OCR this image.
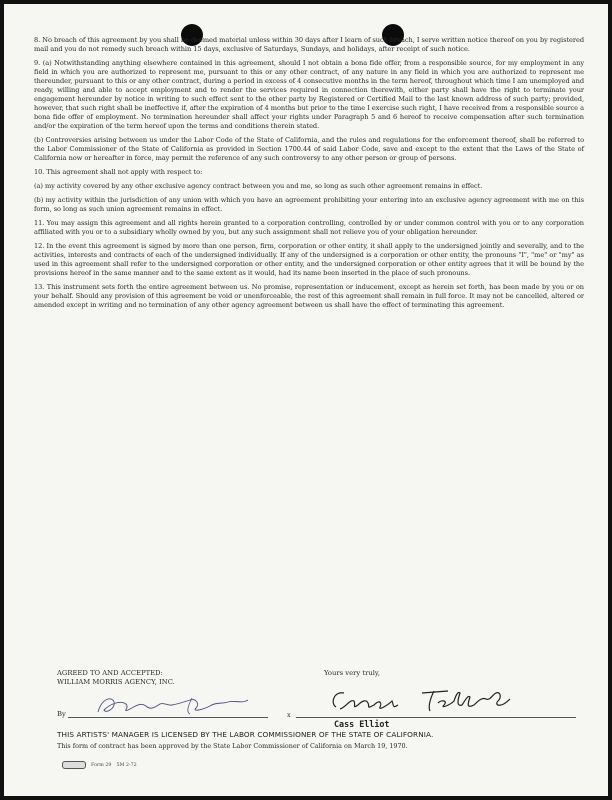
8. No breach of this agreement by you shall be deemed material unless within 30 days after I learn of such breach, I serve written notice thereof on you by registered mail and you do not remedy such breach within 15 days, exclusive of Saturdays, Sundays, and holidays, after receipt of such notice.

9. (a) Notwithstanding anything elsewhere contained in this agreement, should I not obtain a bona fide offer, from a responsible source, for my employment in any field in which you are authorized to represent me, pursuant to this or any other contract, of any nature in any field in which you are authorized to represent me thereunder, pursuant to this or any other contract, during a period in excess of 4 consecutive months in the term hereof, throughout which time I am unemployed and ready, willing and able to accept employment and to render the services required in connection therewith, either party shall have the right to terminate your engagement hereunder by notice in writing to such effect sent to the other party by Registered or Certified Mail to the last known address of such party; provided, however, that such right shall be ineffective if, after the expiration of 4 months but prior to the time I exercise such right, I have received from a responsible source a bona fide offer of employment. No termination hereunder shall affect your rights under Paragraph 5 and 6 hereof to receive compensation after such termination and/or the expiration of the term hereof upon the terms and conditions therein stated.

(b) Controversies arising between us under the Labor Code of the State of California, and the rules and regulations for the enforcement thereof, shall be referred to the Labor Commissioner of the State of California as provided in Section 1700.44 of said Labor Code, save and except to the extent that the Laws of the State of California now or hereafter in force, may permit the reference of any such controversy to any other person or group of persons.

10. This agreement shall not apply with respect to:

(a) my activity covered by any other exclusive agency contract between you and me, so long as such other agreement remains in effect.

(b) my activity within the jurisdiction of any union with which you have an agreement prohibiting your entering into an exclusive agency agreement with me on this form, so long as such union agreement remains in effect.

11. You may assign this agreement and all rights herein granted to a corporation controlling, controlled by or under common control with you or to any corporation affiliated with you or to a subsidiary wholly owned by you, but any such assignment shall not relieve you of your obligation hereunder.

12. In the event this agreement is signed by more than one person, firm, corporation or other entity, it shall apply to the undersigned jointly and severally, and to the activities, interests and contracts of each of the undersigned individually. If any of the undersigned is a corporation or other entity, the pronouns "I", "me" or "my" as used in this agreement shall refer to the undersigned corporation or other entity, and the undersigned corporation or other entity agrees that it will be bound by the provisions hereof in the same manner and to the same extent as it would, had its name been inserted in the place of such pronouns.

13. This instrument sets forth the entire agreement between us. No promise, representation or inducement, except as herein set forth, has been made by you or on your behalf. Should any provision of this agreement be void or unenforceable, the rest of this agreement shall remain in full force. It may not be cancelled, altered or amended except in writing and no termination of any other agency agreement between us shall have the effect of terminating this agreement.

AGREED TO AND ACCEPTED:
WILLIAM MORRIS AGENCY, INC.
Yours very truly,
By	x
Cass Elliot
THIS ARTISTS' MANAGER IS LICENSED BY THE LABOR COMMISSIONER OF THE STATE OF CALIFORNIA.
This form of contract has been approved by the State Labor Commissioner of California on March 19, 1970.
Form 29 5M 2-72
